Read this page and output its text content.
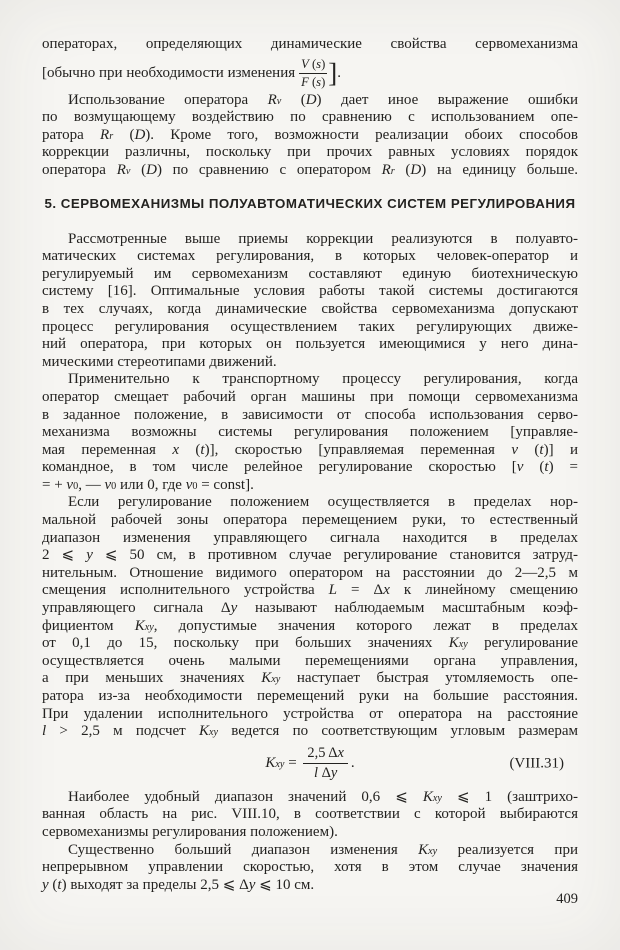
операторах, определяющих динамические свойства сервомеханизма
[обычно при необходимости изменения $\frac{V (s)}{F (s)}$ ].
Использование оператора $R_v$ (D) дает иное выражение ошибки
по возмущающему воздействию по сравнению с использованием опе-
ратора $R_r$ (D). Кроме того, возможности реализации обоих способов
коррекции различны, поскольку при прочих равных условиях порядок
оператора $R_v$ (D) по сравнению с оператором $R_r$ (D) на единицу больше.
5. СЕРВОМЕХАНИЗМЫ ПОЛУАВТОМАТИЧЕСКИХ СИСТЕМ РЕГУЛИРОВАНИЯ
Рассмотренные выше приемы коррекции реализуются в полуавто-
матических системах регулирования, в которых человек-оператор и
регулируемый им сервомеханизм составляют единую биотехническую
систему [16]. Оптимальные условия работы такой системы достигаются
в тех случаях, когда динамические свойства сервомеханизма допускают
процесс регулирования осуществлением таких регулирующих движе-
ний оператора, при которых он пользуется имеющимися у него дина-
мическими стереотипами движений.
Применительно к транспортному процессу регулирования, когда
оператор смещает рабочий орган машины при помощи сервомеханизма
в заданное положение, в зависимости от способа использования серво-
механизма возможны системы регулирования положением [управляе-
мая переменная x (t)], скоростью [управляемая переменная v (t)] и
командное, в том числе релейное регулирование скоростью [v (t) =
= + $v_0$, — $v_0$ или 0, где $v_0$ = const].
Если регулирование положением осуществляется в пределах нор-
мальной рабочей зоны оператора перемещением руки, то естественный
диапазон изменения управляющего сигнала находится в пределах
2 ⩽ y ⩽ 50 см, в противном случае регулирование становится затруд-
нительным. Отношение видимого оператором на расстоянии до 2—2,5 м
смещения исполнительного устройства L = Δx к линейному смещению
управляющего сигнала Δy называют наблюдаемым масштабным коэф-
фициентом $K_{xy}$, допустимые значения которого лежат в пределах
от 0,1 до 15, поскольку при больших значениях $K_{xy}$ регулирование
осуществляется очень малыми перемещениями органа управления,
а при меньших значениях $K_{xy}$ наступает быстрая утомляемость опе-
ратора из-за необходимости перемещений руки на большие расстояния.
При удалении исполнительного устройства от оператора на расстояние
l > 2,5 м подсчет $K_{xy}$ ведется по соответствующим угловым размерам
$K_{xy} = \frac{2,5 \Delta x}{\text{l Δy}}$ .	(VIII.31)
Наиболее удобный диапазон значений 0,6 ⩽ $K_{xy}$ ⩽ 1 (заштрихо-
ванная область на рис. VIII.10, в соответствии с которой выбираются
сервомеханизмы регулирования положением).
Существенно больший диапазон изменения $K_{xy}$ реализуется при
непрерывном управлении скоростью, хотя в этом случае значения
y (t) выходят за пределы 2,5 ⩽ Δy ⩽ 10 см.
409
